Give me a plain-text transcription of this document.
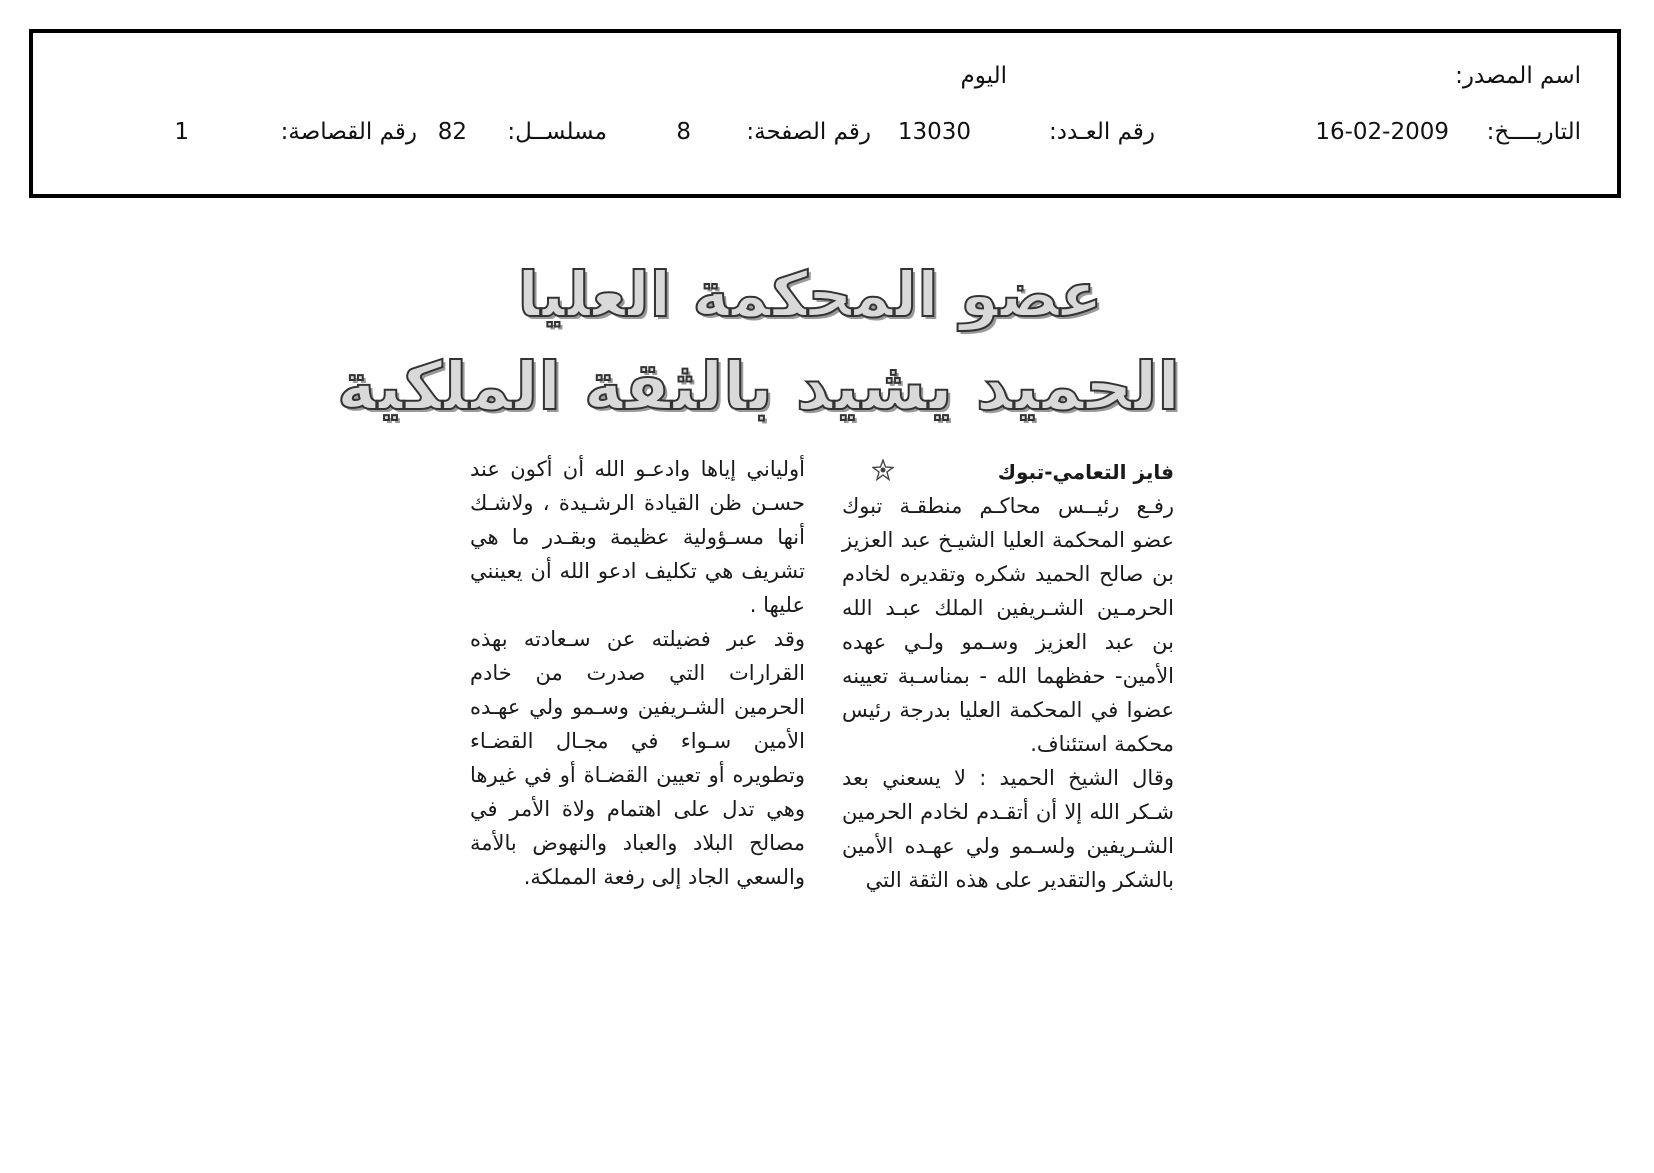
اسم المصدر:
اليوم
التاريــــخ:
16-02-2009
رقم العـدد:
13030
رقم الصفحة:
8
مسلســل:
82
رقم القصاصة:
1
عضو المحكمة العليا
الحميد يشيد بالثقة الملكية

فايز التعامي-تبوك

رفـع رئيــس محاكـم منطقـة تبوك عضو المحكمة العليا الشيـخ عبد العزيز بن صالح الحميد شكره وتقديره لخادم الحرمـين الشـريفين الملك عبـد الله بن عبد العزيز وسـمو ولـي عهده الأمين- حفظهما الله - بمناسـبة تعيينه عضوا في المحكمة العليا بدرجة رئيس محكمة استئناف.

وقال الشيخ الحميد : لا يسعني بعد شـكر الله إلا أن أتقـدم لخادم الحرمين الشـريفين ولسـمو ولي عهـده الأمين بالشكر والتقدير على هذه الثقة التي

أولياني إياها وادعـو الله أن أكون عند حسـن ظن القيادة الرشـيدة ، ولاشـك أنها مسـؤولية عظيمة وبقـدر ما هي تشريف هي تكليف ادعو الله أن يعينني عليها .

وقد عبر فضيلته عن سـعادته بهذه القرارات التي صدرت من خادم الحرمين الشـريفين وسـمو ولي عهـده الأمين سـواء في مجـال القضـاء وتطويره أو تعيين القضـاة أو في غيرها وهي تدل على اهتمام ولاة الأمر في مصالح البلاد والعباد والنهوض بالأمة والسعي الجاد إلى رفعة المملكة.
